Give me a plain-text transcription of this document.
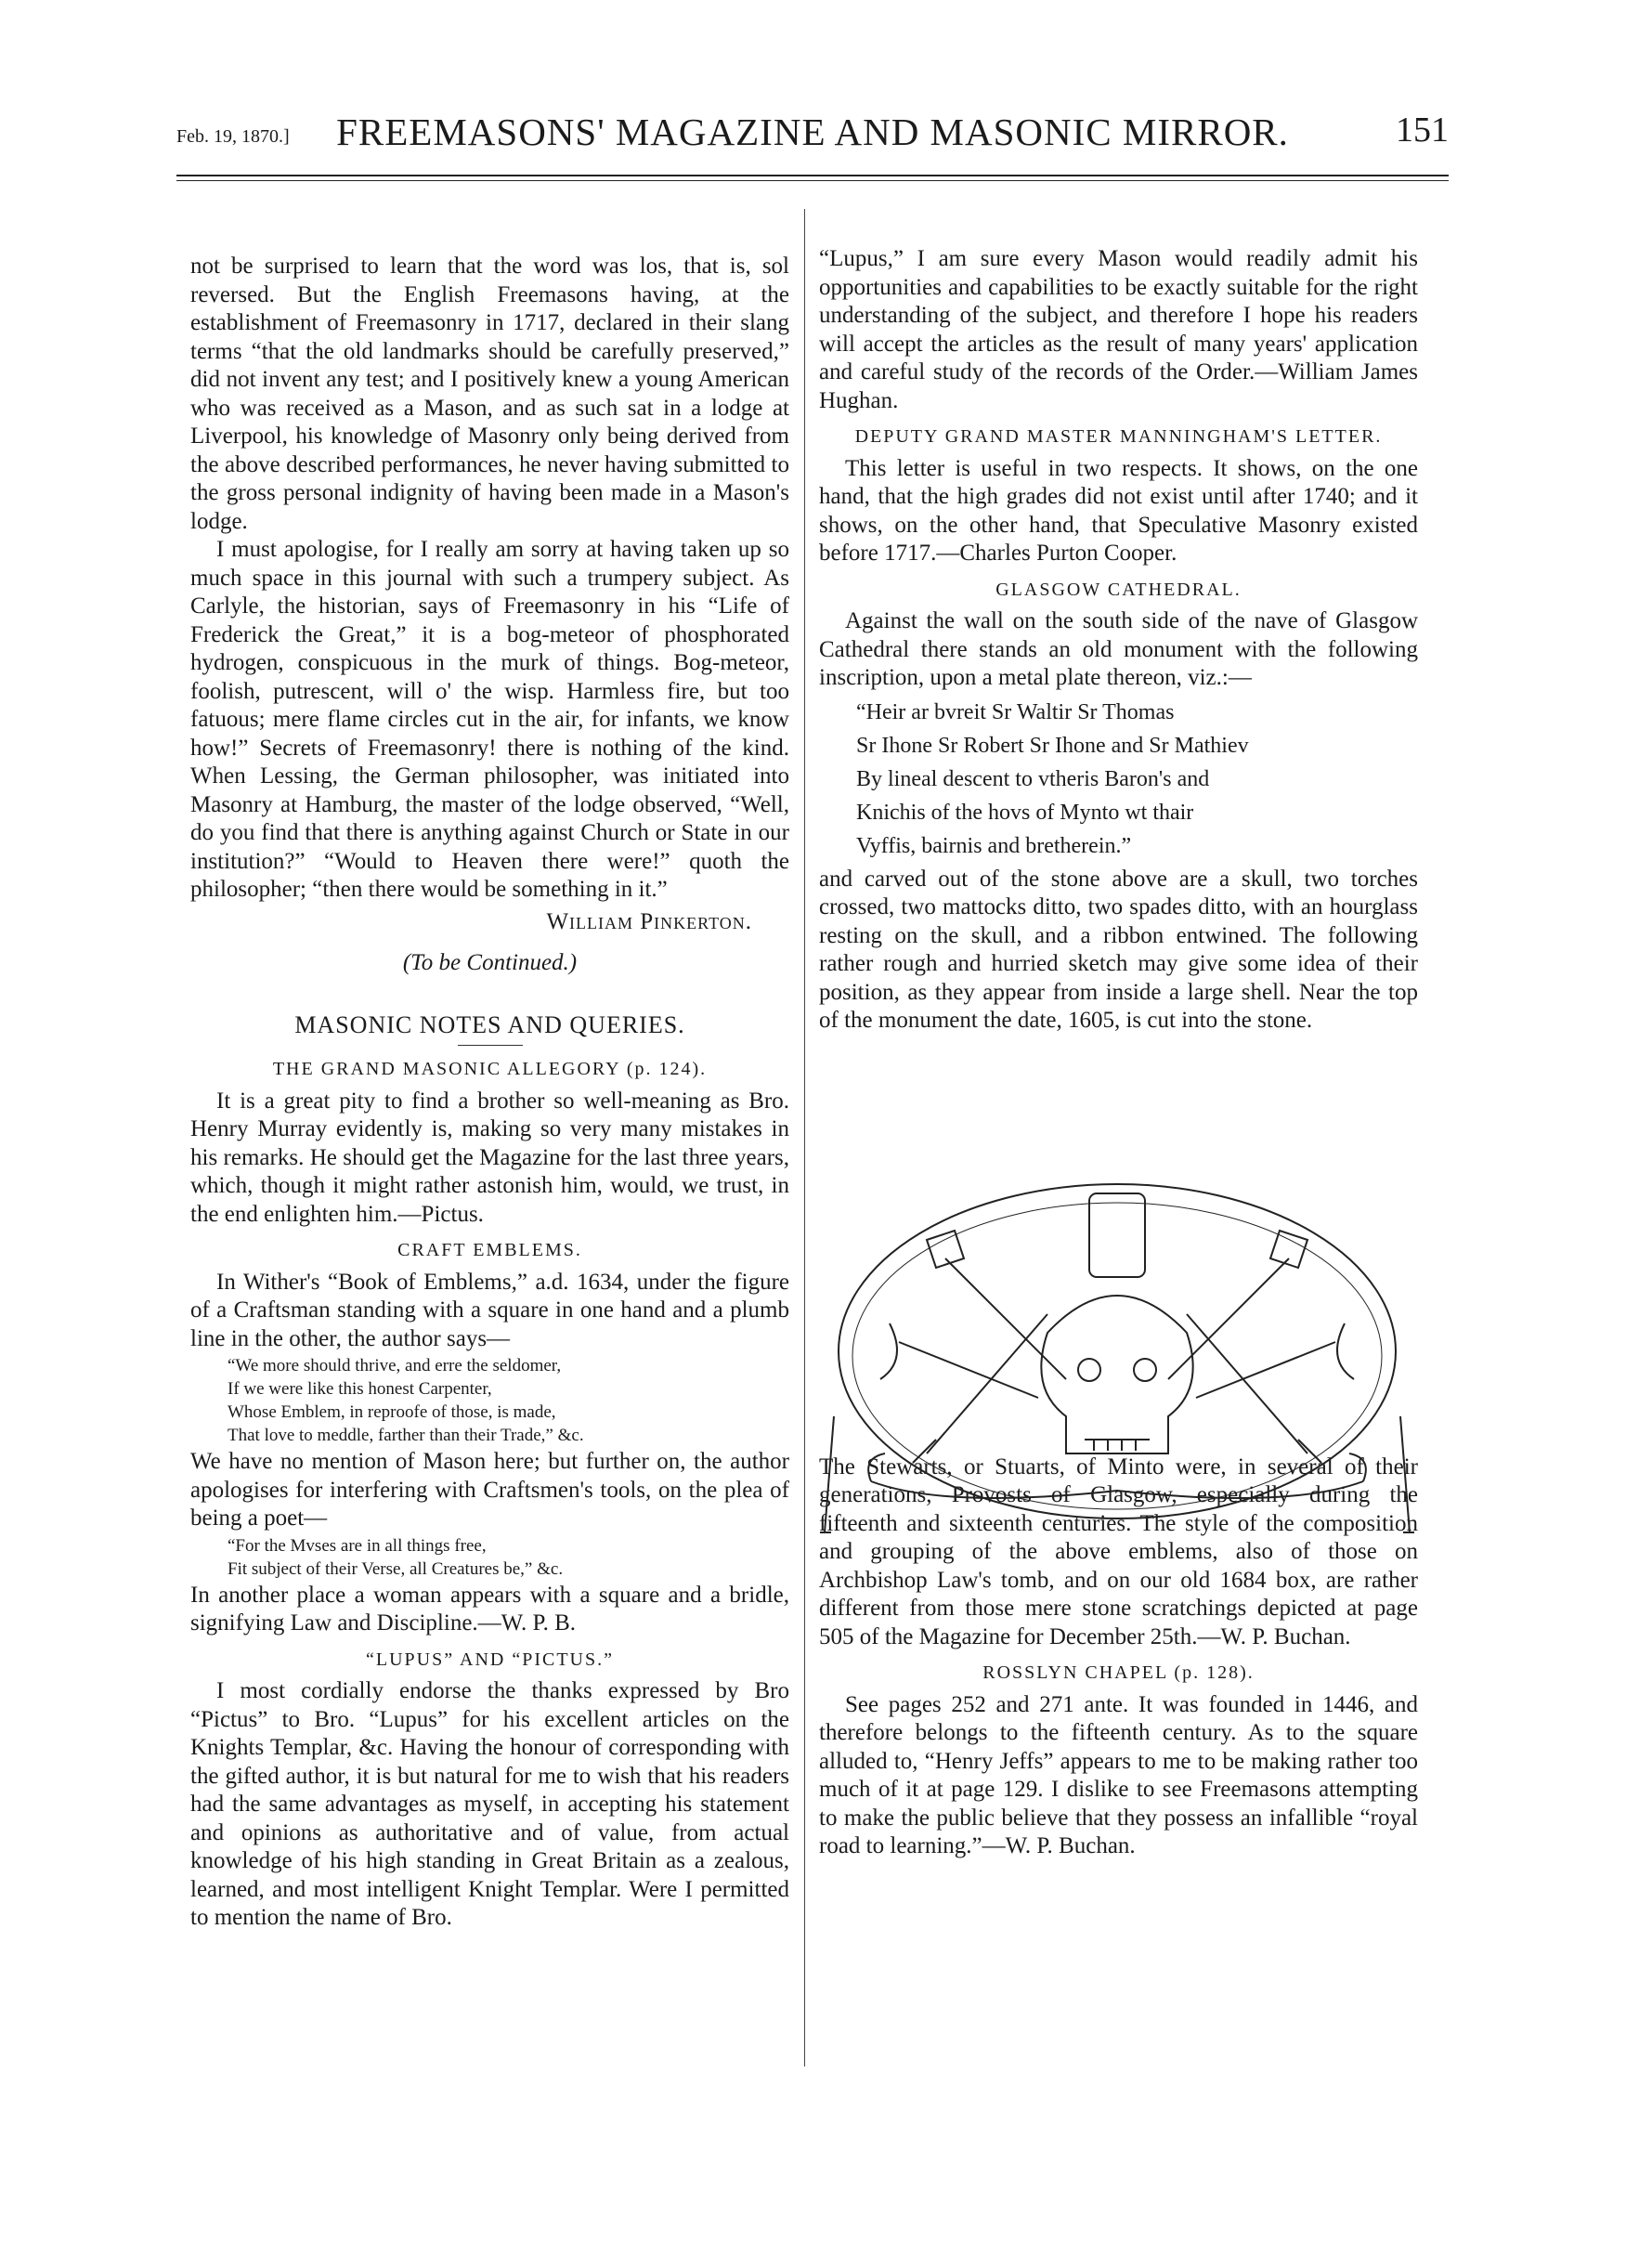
Feb. 19, 1870.]	FREEMASONS' MAGAZINE AND MASONIC MIRROR.	151

not be surprised to learn that the word was los, that is, sol reversed. But the English Freemasons having, at the establishment of Freemasonry in 1717, declared in their slang terms “that the old landmarks should be carefully preserved,” did not invent any test; and I positively knew a young American who was received as a Mason, and as such sat in a lodge at Liverpool, his knowledge of Masonry only being derived from the above described performances, he never having submitted to the gross personal indignity of having been made in a Mason's lodge.

I must apologise, for I really am sorry at having taken up so much space in this journal with such a trumpery subject. As Carlyle, the historian, says of Freemasonry in his “Life of Frederick the Great,” it is a bog-meteor of phosphorated hydrogen, conspicuous in the murk of things. Bog-meteor, foolish, putrescent, will o' the wisp. Harmless fire, but too fatuous; mere flame circles cut in the air, for infants, we know how!” Secrets of Freemasonry! there is nothing of the kind. When Lessing, the German philosopher, was initiated into Masonry at Hamburg, the master of the lodge observed, “Well, do you find that there is anything against Church or State in our institution?” “Would to Heaven there were!” quoth the philosopher; “then there would be something in it.”

William Pinkerton.

(To be Continued.)

MASONIC NOTES AND QUERIES.

THE GRAND MASONIC ALLEGORY (p. 124).

It is a great pity to find a brother so well-meaning as Bro. Henry Murray evidently is, making so very many mistakes in his remarks. He should get the Magazine for the last three years, which, though it might rather astonish him, would, we trust, in the end enlighten him.—Pictus.

CRAFT EMBLEMS.

In Wither's “Book of Emblems,” a.d. 1634, under the figure of a Craftsman standing with a square in one hand and a plumb line in the other, the author says—

“We more should thrive, and erre the seldomer,

If we were like this honest Carpenter,

Whose Emblem, in reproofe of those, is made,

That love to meddle, farther than their Trade,” &c.

We have no mention of Mason here; but further on, the author apologises for interfering with Craftsmen's tools, on the plea of being a poet—

“For the Mvses are in all things free,

Fit subject of their Verse, all Creatures be,” &c.

In another place a woman appears with a square and a bridle, signifying Law and Discipline.—W. P. B.

“LUPUS” AND “PICTUS.”

I most cordially endorse the thanks expressed by Bro “Pictus” to Bro. “Lupus” for his excellent articles on the Knights Templar, &c. Having the honour of corresponding with the gifted author, it is but natural for me to wish that his readers had the same advantages as myself, in accepting his statement and opinions as authoritative and of value, from actual knowledge of his high standing in Great Britain as a zealous, learned, and most intelligent Knight Templar. Were I permitted to mention the name of Bro.

“Lupus,” I am sure every Mason would readily admit his opportunities and capabilities to be exactly suitable for the right understanding of the subject, and therefore I hope his readers will accept the articles as the result of many years' application and careful study of the records of the Order.—William James Hughan.

DEPUTY GRAND MASTER MANNINGHAM'S LETTER.

This letter is useful in two respects. It shows, on the one hand, that the high grades did not exist until after 1740; and it shows, on the other hand, that Speculative Masonry existed before 1717.—Charles Purton Cooper.

GLASGOW CATHEDRAL.

Against the wall on the south side of the nave of Glasgow Cathedral there stands an old monument with the following inscription, upon a metal plate thereon, viz.:—

“Heir ar bvreit Sr Waltir Sr Thomas

Sr Ihone Sr Robert Sr Ihone and Sr Mathiev

By lineal descent to vtheris Baron's and

Knichis of the hovs of Mynto wt thair

Vyffis, bairnis and bretherein.”

and carved out of the stone above are a skull, two torches crossed, two mattocks ditto, two spades ditto, with an hourglass resting on the skull, and a ribbon entwined. The following rather rough and hurried sketch may give some idea of their position, as they appear from inside a large shell. Near the top of the monument the date, 1605, is cut into the stone.

The Stewarts, or Stuarts, of Minto were, in several of their generations, Provosts of Glasgow, especially during the fifteenth and sixteenth centuries. The style of the composition and grouping of the above emblems, also of those on Archbishop Law's tomb, and on our old 1684 box, are rather different from those mere stone scratchings depicted at page 505 of the Magazine for December 25th.—W. P. Buchan.

ROSSLYN CHAPEL (p. 128).

See pages 252 and 271 ante. It was founded in 1446, and therefore belongs to the fifteenth century. As to the square alluded to, “Henry Jeffs” appears to me to be making rather too much of it at page 129. I dislike to see Freemasons attempting to make the public believe that they possess an infallible “royal road to learning.”—W. P. Buchan.
